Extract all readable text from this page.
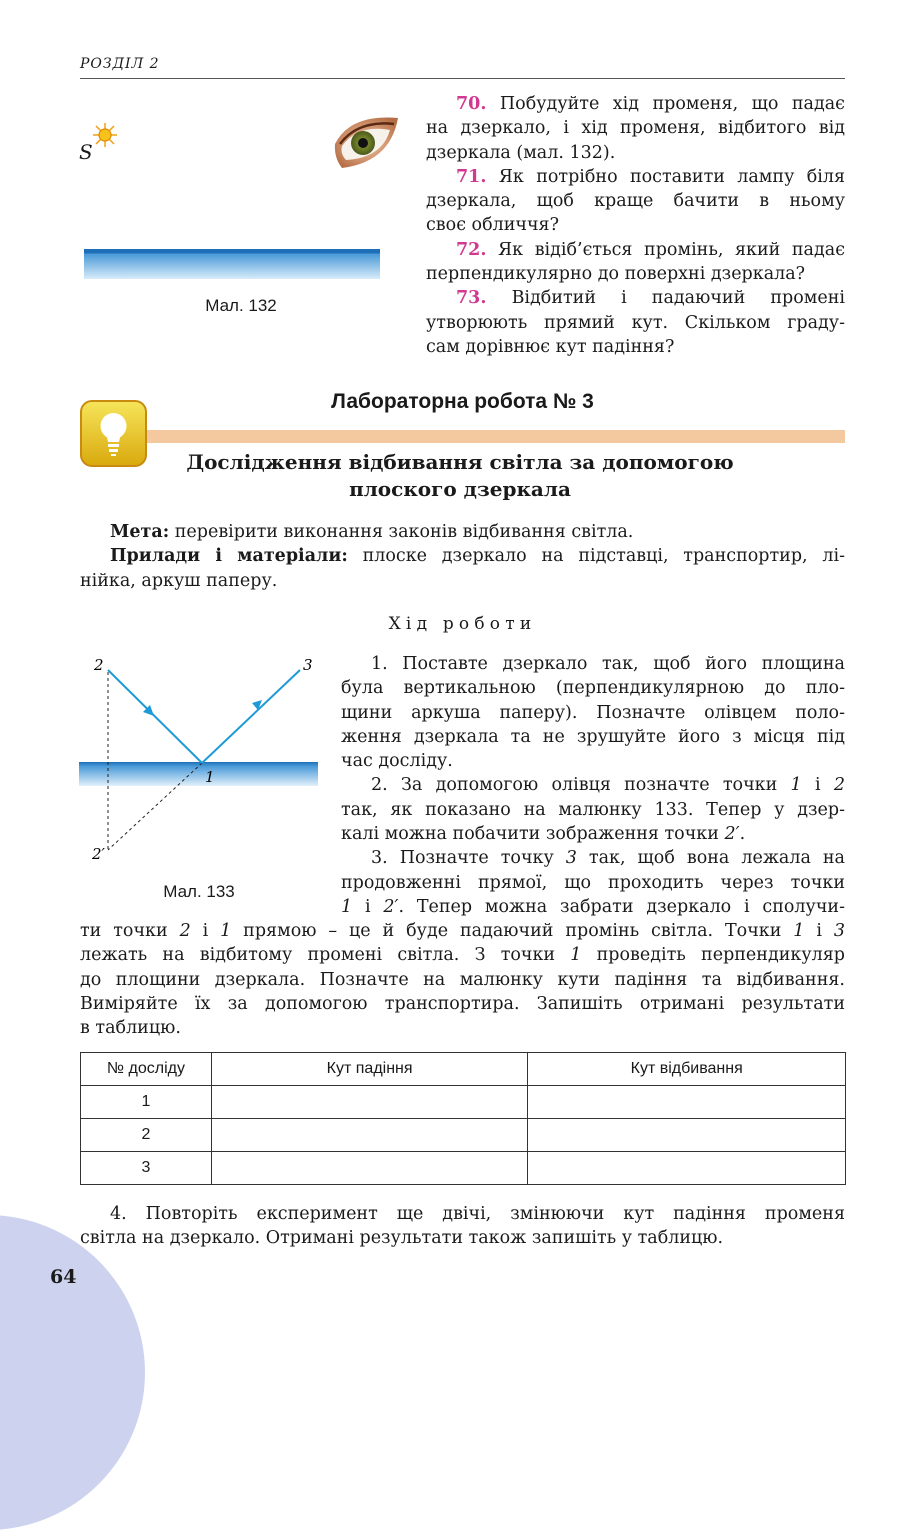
РОЗДІЛ 2
S
Мал. 132
70. Побудуйте хід променя, що падає
на дзеркало, і хід променя, відбитого від
дзеркала (мал. 132).
71. Як потрібно поставити лампу біля
дзеркала, щоб краще бачити в ньому
своє обличчя?
72. Як відіб’ється промінь, який падає
перпендикулярно до поверхні дзеркала?
73. Відбитий і падаючий промені
утворюють прямий кут. Скільком граду-
сам дорівнює кут падіння?
Лабораторна робота № 3
Дослідження відбивання світла за допомогою
плоского дзеркала
Мета: перевірити виконання законів відбивання світла.
Прилади і матеріали: плоске дзеркало на підставці, транспортир, лі-
нійка, аркуш паперу.
Хід роботи
2	3
1
2′
Мал. 133
1. Поставте дзеркало так, щоб його площина
була вертикальною (перпендикулярною до пло-
щини аркуша паперу). Позначте олівцем поло-
ження дзеркала та не зрушуйте його з місця під
час досліду.
2. За допомогою олівця позначте точки 1 і 2
так, як показано на малюнку 133. Тепер у дзер-
калі можна побачити зображення точки 2′.
3. Позначте точку 3 так, щоб вона лежала на
продовженні прямої, що проходить через точки
1 і 2′. Тепер можна забрати дзеркало і сполучи-
ти точки 2 і 1 прямою – це й буде падаючий промінь світла. Точки 1 і 3
лежать на відбитому промені світла. З точки 1 проведіть перпендикуляр
до площини дзеркала. Позначте на малюнку кути падіння та відбивання.
Виміряйте їх за допомогою транспортира. Запишіть отримані результати
в таблицю.
№ досліду	Кут падіння	Кут відбивання
1		
2		
3		
4. Повторіть експеримент ще двічі, змінюючи кут падіння променя
світла на дзеркало. Отримані результати також запишіть у таблицю.
64
